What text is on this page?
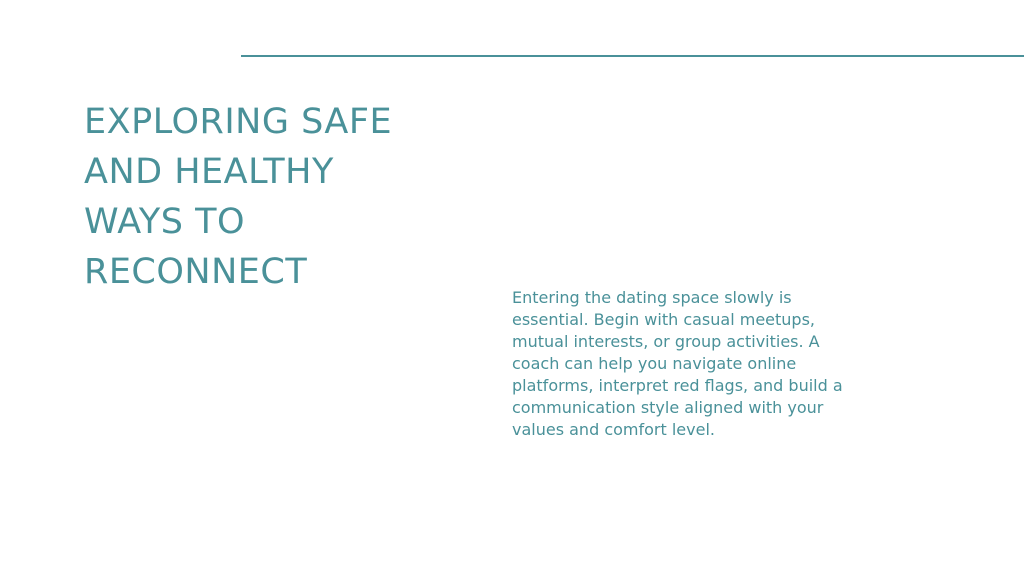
EXPLORING SAFE
AND HEALTHY
WAYS TO
RECONNECT

Entering the dating space slowly is
essential. Begin with casual meetups,
mutual interests, or group activities. A
coach can help you navigate online
platforms, interpret red flags, and build a
communication style aligned with your
values and comfort level.
